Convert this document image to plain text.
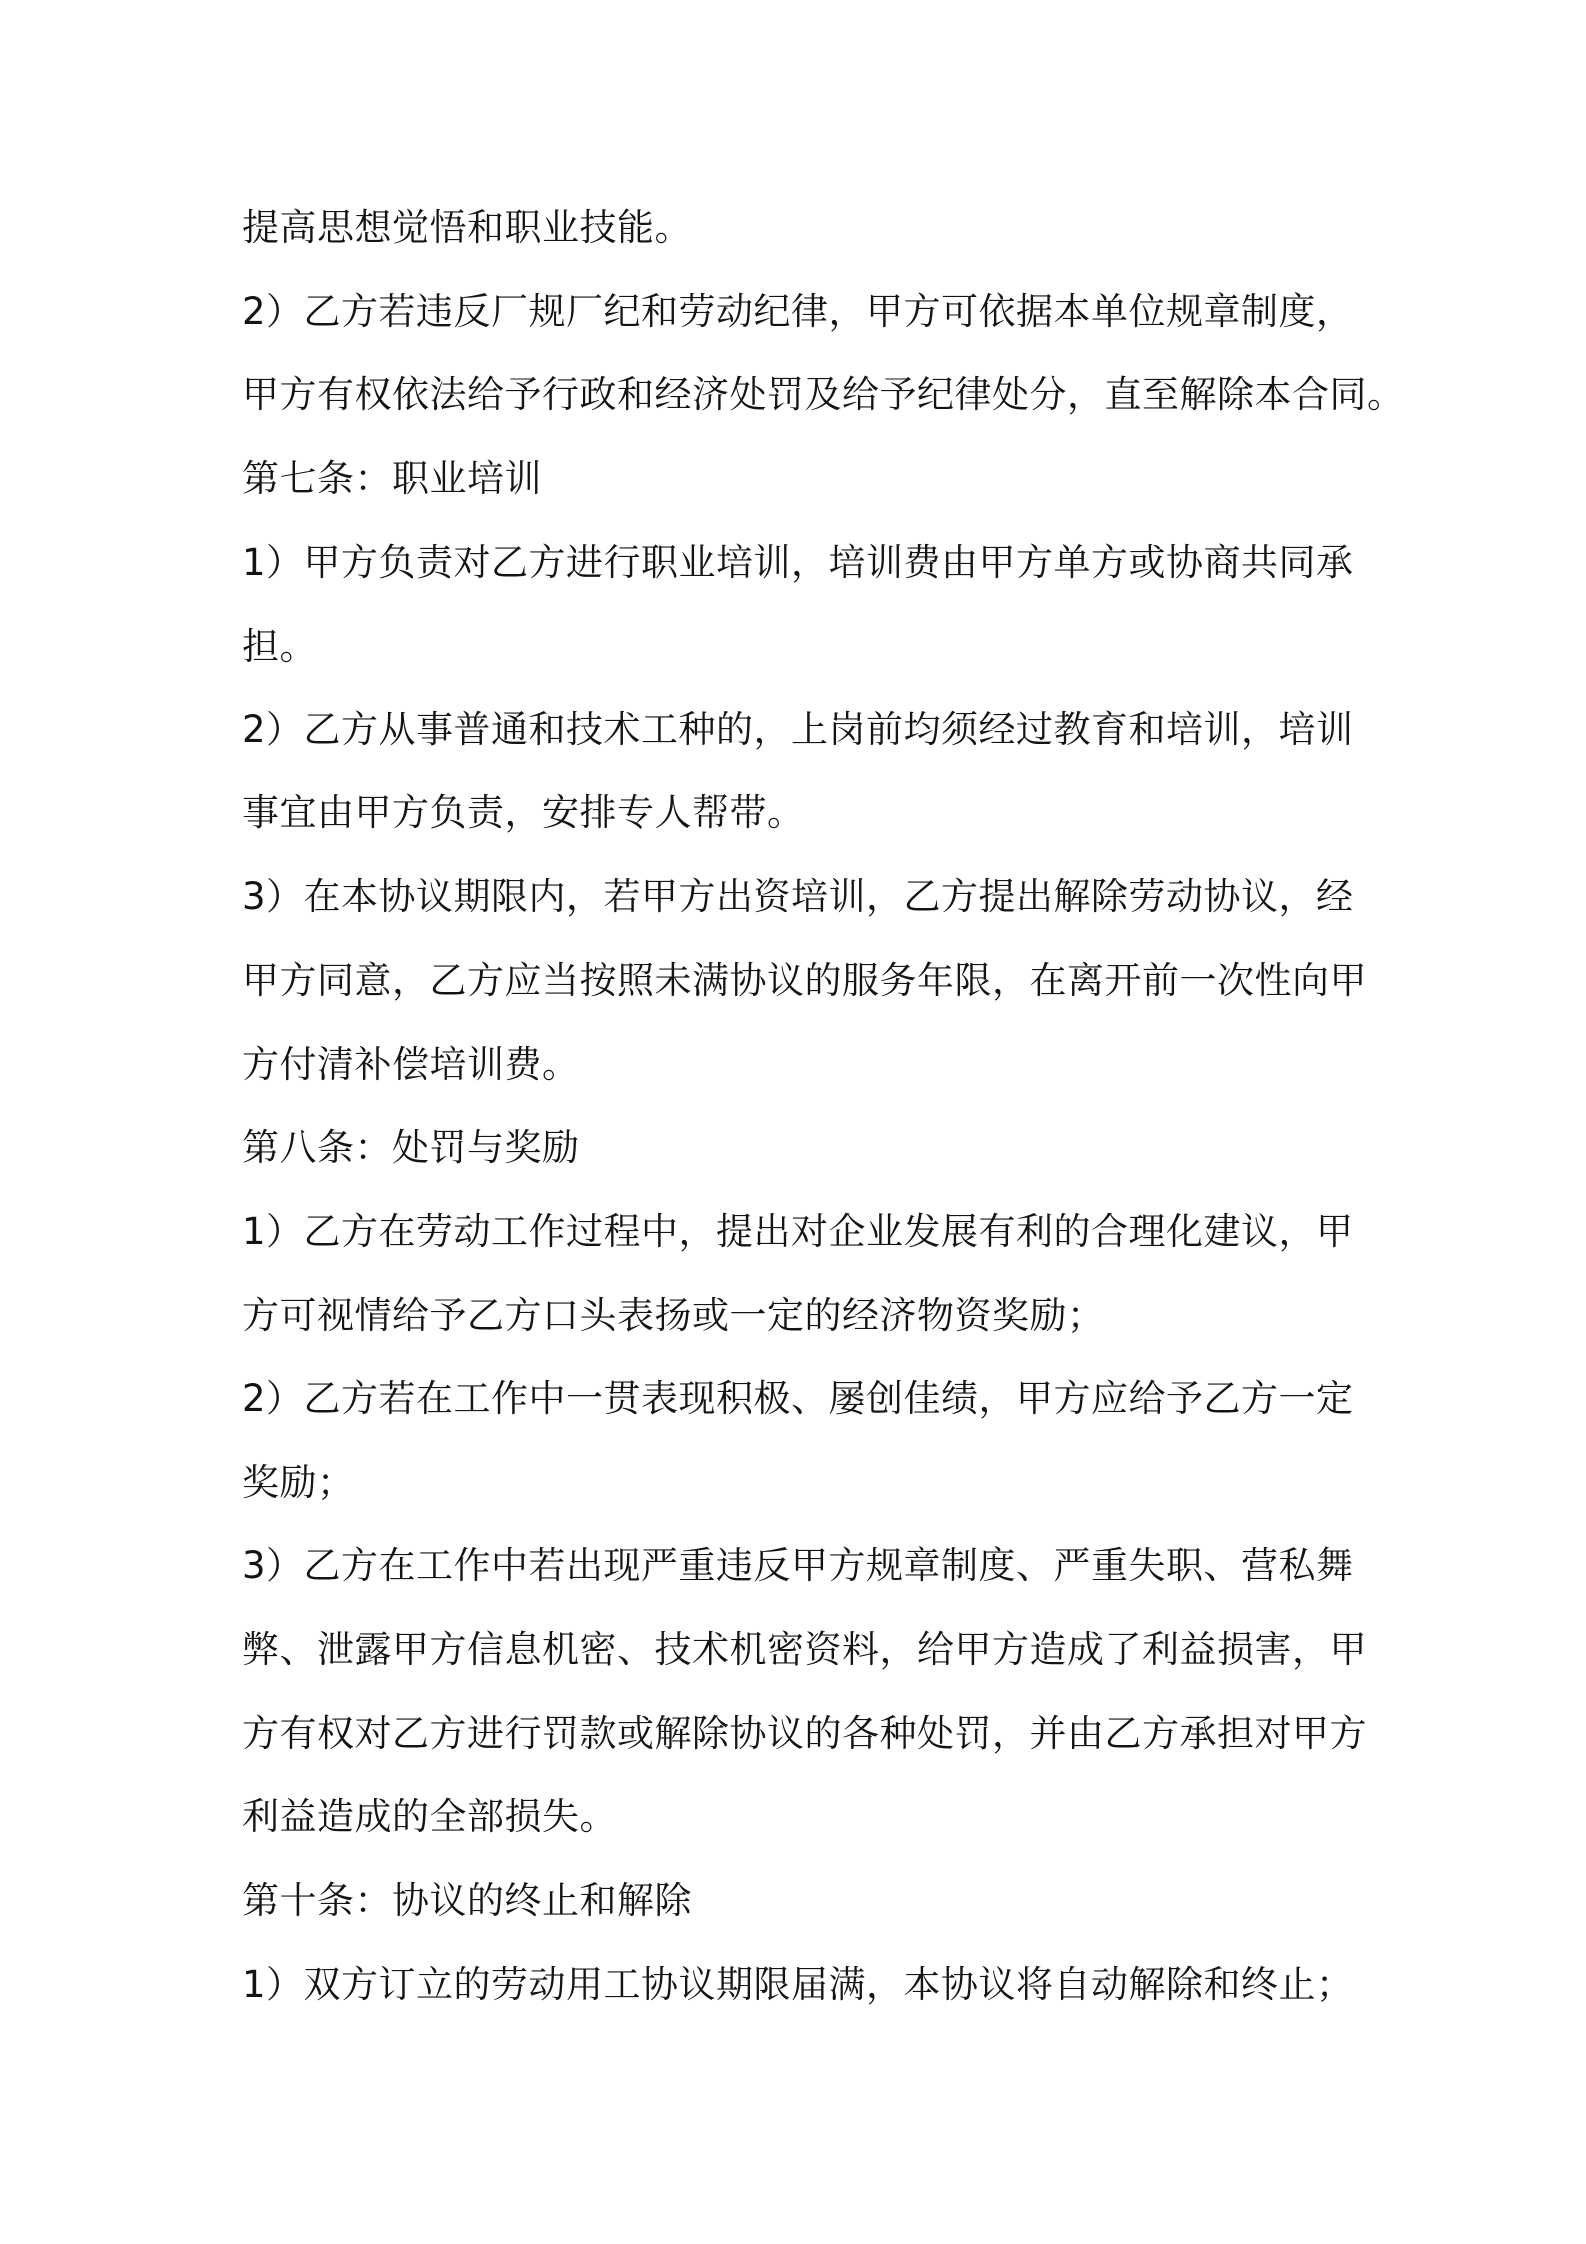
提高思想觉悟和职业技能。
2）乙方若违反厂规厂纪和劳动纪律，甲方可依据本单位规章制度，
甲方有权依法给予行政和经济处罚及给予纪律处分，直至解除本合同。
第七条：职业培训
1）甲方负责对乙方进行职业培训，培训费由甲方单方或协商共同承
担。
2）乙方从事普通和技术工种的，上岗前均须经过教育和培训，培训
事宜由甲方负责，安排专人帮带。
3）在本协议期限内，若甲方出资培训，乙方提出解除劳动协议，经
甲方同意，乙方应当按照未满协议的服务年限，在离开前一次性向甲
方付清补偿培训费。
第八条：处罚与奖励
1）乙方在劳动工作过程中，提出对企业发展有利的合理化建议，甲
方可视情给予乙方口头表扬或一定的经济物资奖励；
2）乙方若在工作中一贯表现积极、屡创佳绩，甲方应给予乙方一定
奖励；
3）乙方在工作中若出现严重违反甲方规章制度、严重失职、营私舞
弊、泄露甲方信息机密、技术机密资料，给甲方造成了利益损害，甲
方有权对乙方进行罚款或解除协议的各种处罚，并由乙方承担对甲方
利益造成的全部损失。
第十条：协议的终止和解除
1）双方订立的劳动用工协议期限届满，本协议将自动解除和终止；
